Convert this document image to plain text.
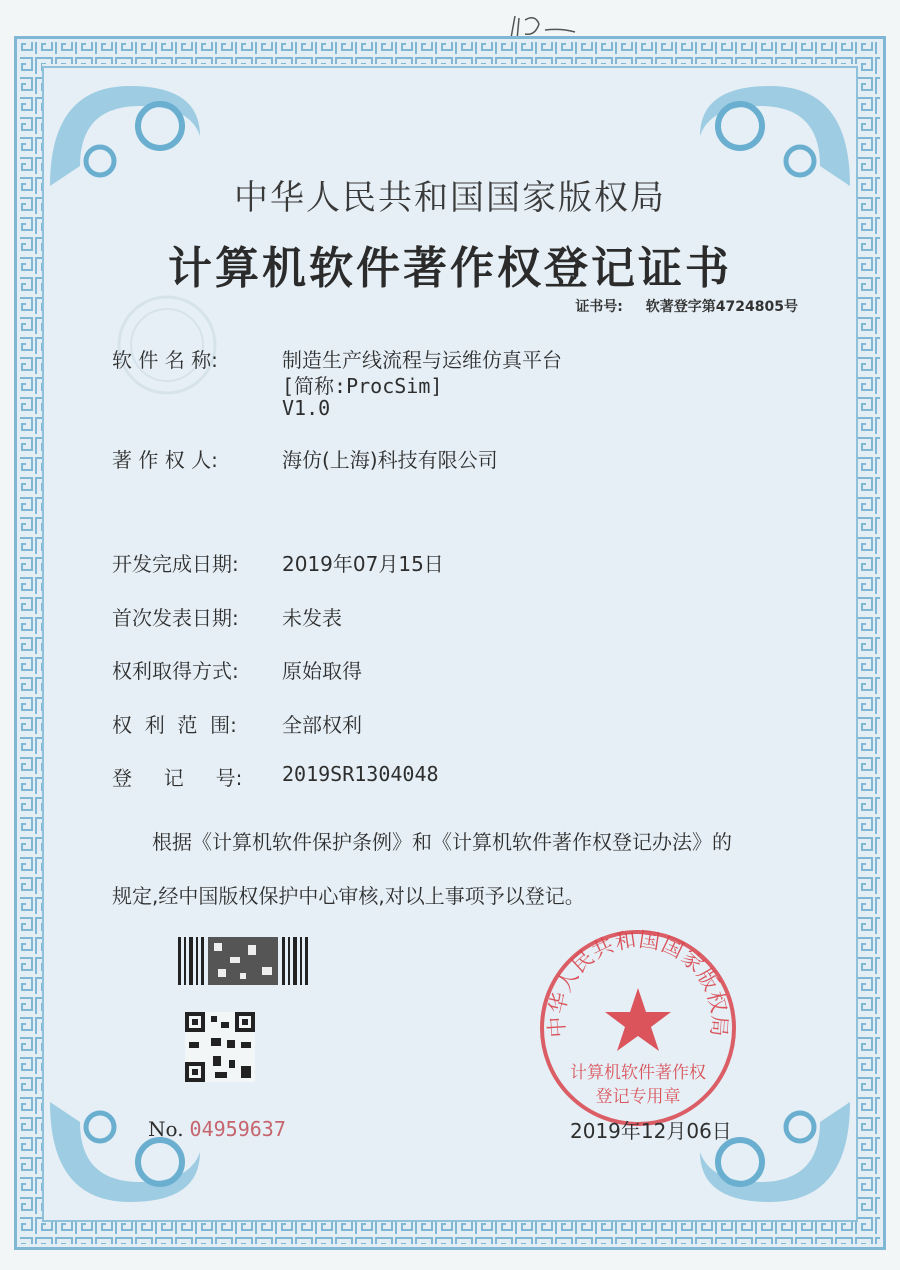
中华人民共和国国家版权局
计算机软件著作权登记证书
证书号: 软著登字第4724805号
软 件 名 称:	制造生产线流程与运维仿真平台
[简称:ProcSim]
V1.0
著 作 权 人:	海仿(上海)科技有限公司
开发完成日期: 2019年07月15日
首次发表日期: 未发表
权利取得方式: 原始取得
权  利  范  围: 全部权利
登     记     号: 2019SR1304048
根据《计算机软件保护条例》和《计算机软件著作权登记办法》的
规定,经中国版权保护中心审核,对以上事项予以登记。
中华人民共和国国家版权局
计算机软件著作权
登记专用章
No. 04959637	2019年12月06日
